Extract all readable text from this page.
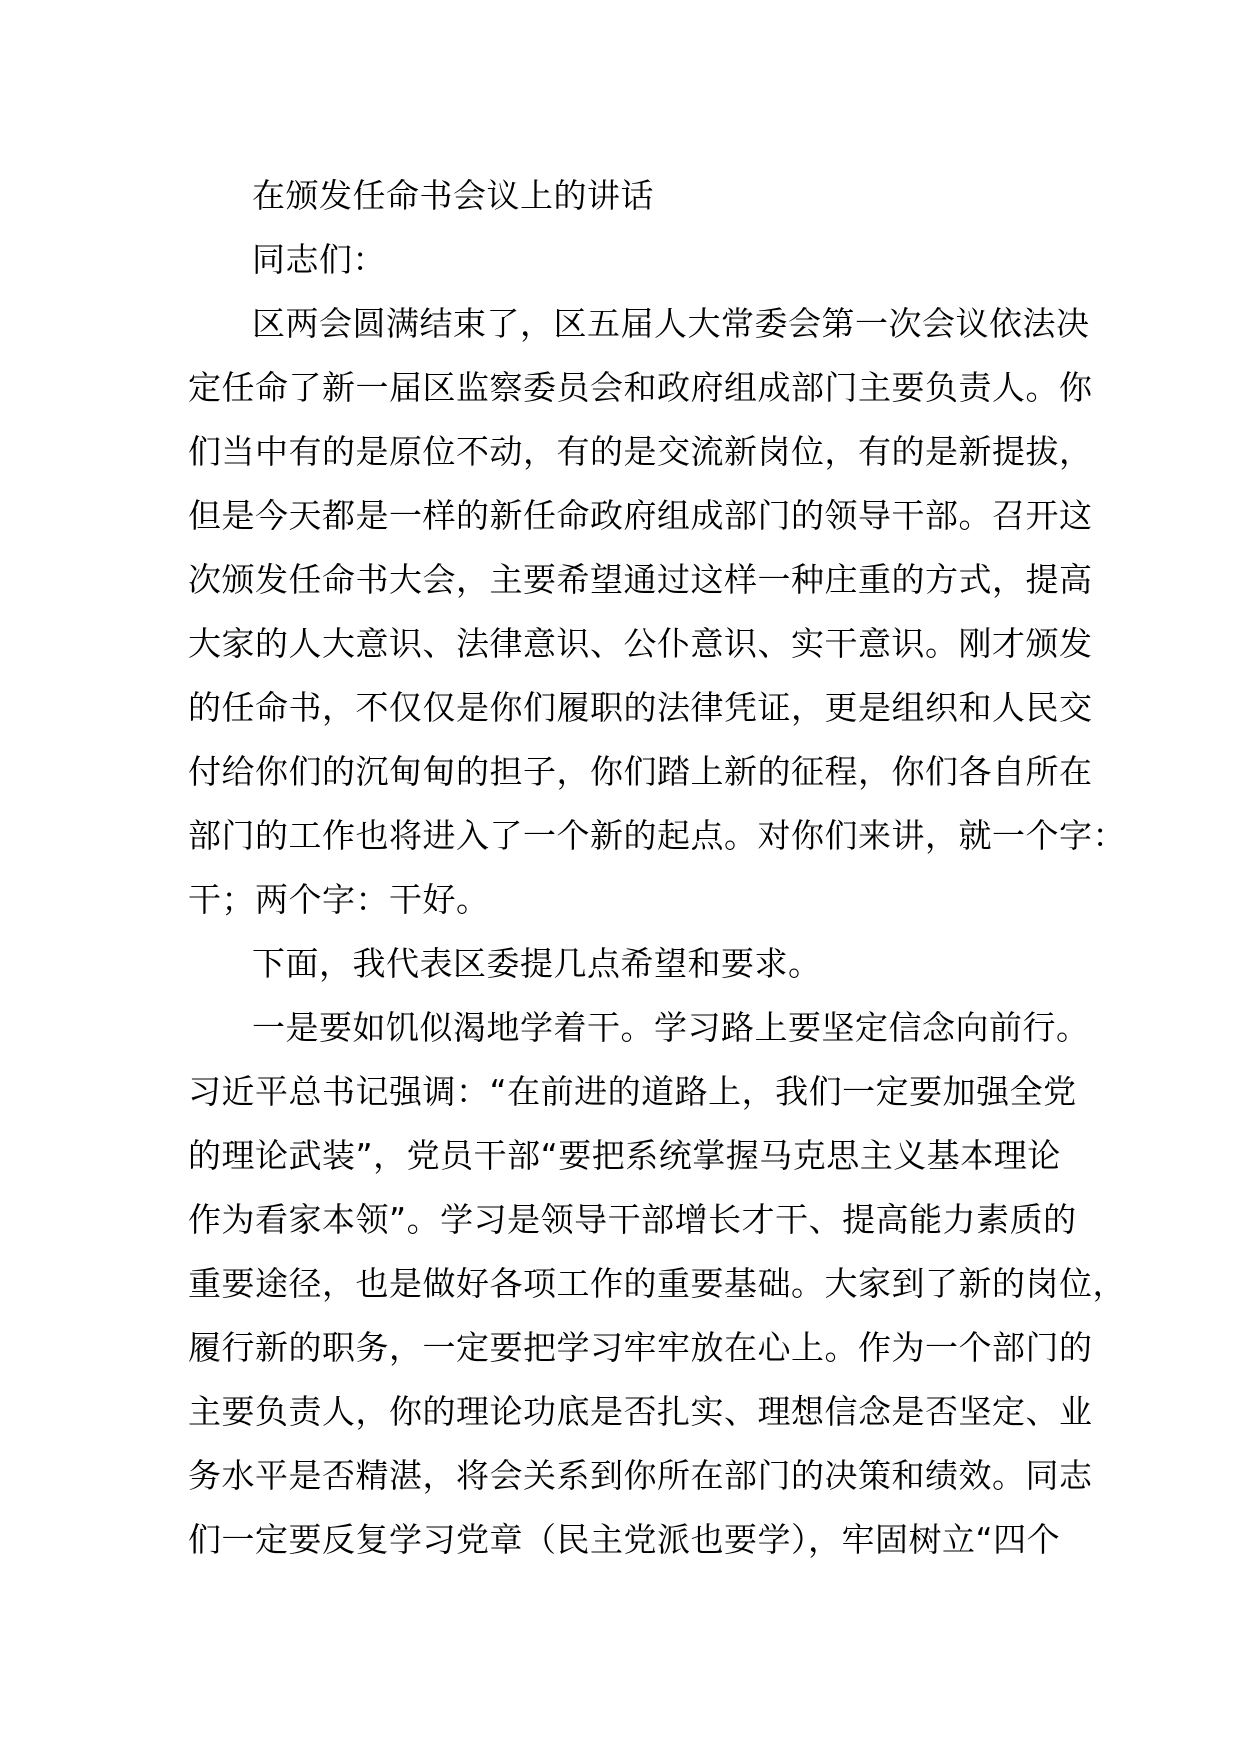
在颁发任命书会议上的讲话
同志们：
区两会圆满结束了，区五届人大常委会第一次会议依法决
定任命了新一届区监察委员会和政府组成部门主要负责人。你
们当中有的是原位不动，有的是交流新岗位，有的是新提拔，
但是今天都是一样的新任命政府组成部门的领导干部。召开这
次颁发任命书大会，主要希望通过这样一种庄重的方式，提高
大家的人大意识、法律意识、公仆意识、实干意识。刚才颁发
的任命书，不仅仅是你们履职的法律凭证，更是组织和人民交
付给你们的沉甸甸的担子，你们踏上新的征程，你们各自所在
部门的工作也将进入了一个新的起点。对你们来讲，就一个字：
干；两个字：干好。
下面，我代表区委提几点希望和要求。
一是要如饥似渴地学着干。学习路上要坚定信念向前行。
习近平总书记强调：“在前进的道路上，我们一定要加强全党
的理论武装”，党员干部“要把系统掌握马克思主义基本理论
作为看家本领”。学习是领导干部增长才干、提高能力素质的
重要途径，也是做好各项工作的重要基础。大家到了新的岗位，
履行新的职务，一定要把学习牢牢放在心上。作为一个部门的
主要负责人，你的理论功底是否扎实、理想信念是否坚定、业
务水平是否精湛，将会关系到你所在部门的决策和绩效。同志
们一定要反复学习党章（民主党派也要学），牢固树立“四个
